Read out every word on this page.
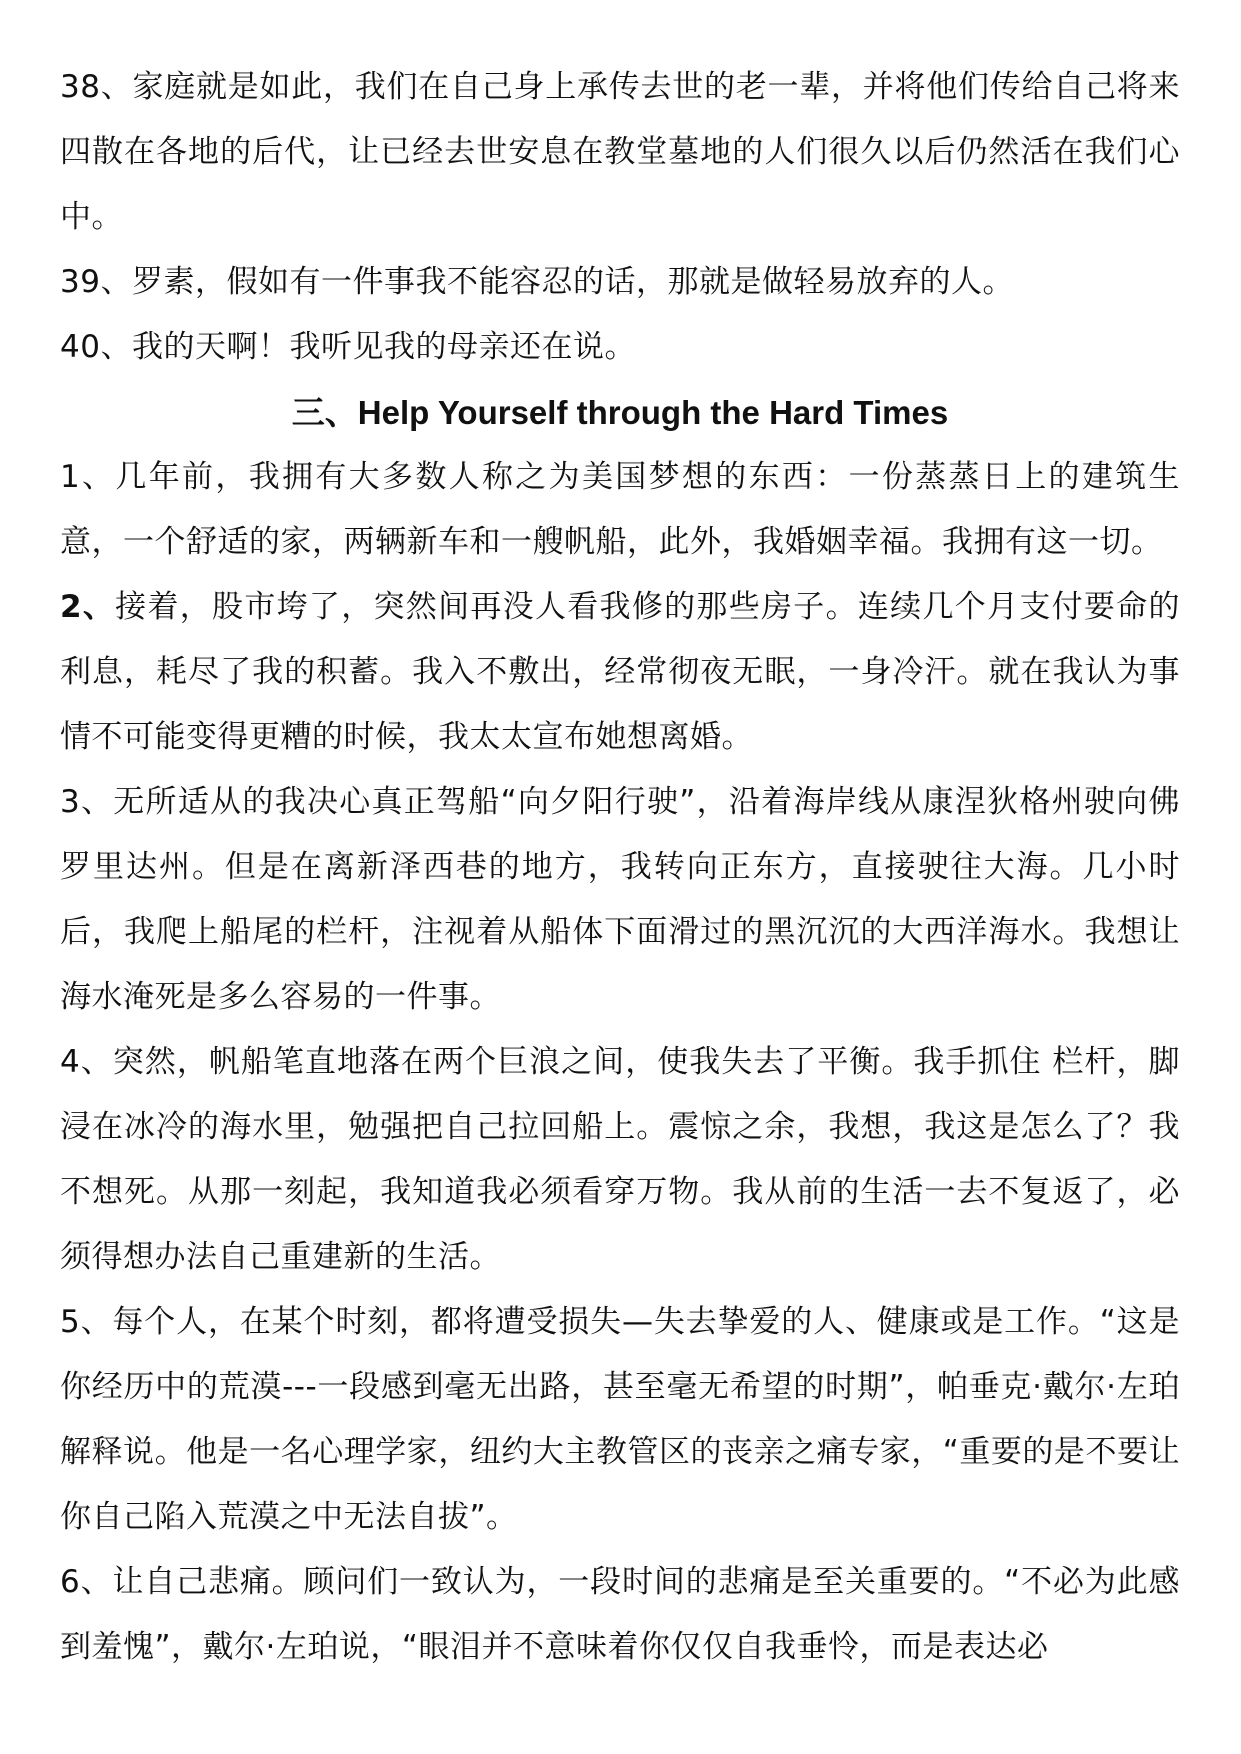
38、家庭就是如此，我们在自己身上承传去世的老一辈，并将他们传给自己将来四散在各地的后代，让已经去世安息在教堂墓地的人们很久以后仍然活在我们心中。

39、罗素，假如有一件事我不能容忍的话，那就是做轻易放弃的人。

40、我的天啊！我听见我的母亲还在说。

三、Help Yourself through the Hard Times

1、几年前，我拥有大多数人称之为美国梦想的东西：一份蒸蒸日上的建筑生意，一个舒适的家，两辆新车和一艘帆船，此外，我婚姻幸福。我拥有这一切。

2、接着，股市垮了，突然间再没人看我修的那些房子。连续几个月支付要命的利息，耗尽了我的积蓄。我入不敷出，经常彻夜无眠，一身冷汗。就在我认为事情不可能变得更糟的时候，我太太宣布她想离婚。

3、无所适从的我决心真正驾船“向夕阳行驶”，沿着海岸线从康涅狄格州驶向佛罗里达州。但是在离新泽西巷的地方，我转向正东方，直接驶往大海。几小时后，我爬上船尾的栏杆，注视着从船体下面滑过的黑沉沉的大西洋海水。我想让海水淹死是多么容易的一件事。

4、突然，帆船笔直地落在两个巨浪之间，使我失去了平衡。我手抓住 栏杆，脚浸在冰冷的海水里，勉强把自己拉回船上。震惊之余，我想，我这是怎么了？我不想死。从那一刻起，我知道我必须看穿万物。我从前的生活一去不复返了，必须得想办法自己重建新的生活。

5、每个人，在某个时刻，都将遭受损失—失去挚爱的人、健康或是工作。“这是你经历中的荒漠---一段感到毫无出路，甚至毫无希望的时期”，帕垂克·戴尔·左珀解释说。他是一名心理学家，纽约大主教管区的丧亲之痛专家，“重要的是不要让你自己陷入荒漠之中无法自拔”。

6、让自己悲痛。顾问们一致认为，一段时间的悲痛是至关重要的。“不必为此感到羞愧”，戴尔·左珀说，“眼泪并不意味着你仅仅自我垂怜，而是表达必
